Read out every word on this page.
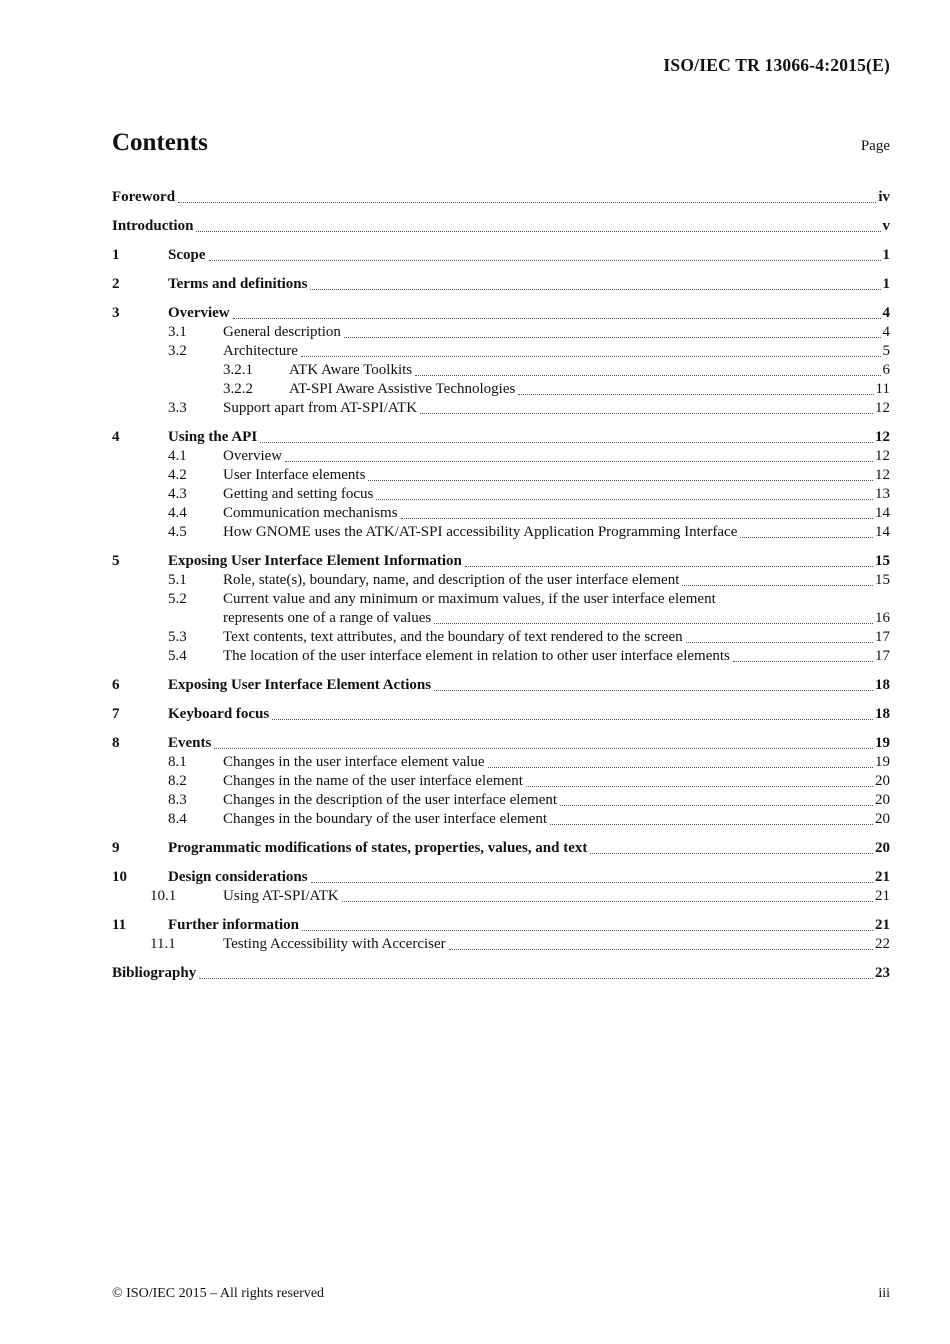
ISO/IEC TR 13066-4:2015(E)
Contents	Page
Foreword	iv
Introduction	v
1	Scope	1
2	Terms and definitions	1
3	Overview	4
3.1	General description	4
3.2	Architecture	5
3.2.1	ATK Aware Toolkits	6
3.2.2	AT-SPI Aware Assistive Technologies	11
3.3	Support apart from AT-SPI/ATK	12
4	Using the API	12
4.1	Overview	12
4.2	User Interface elements	12
4.3	Getting and setting focus	13
4.4	Communication mechanisms	14
4.5	How GNOME uses the ATK/AT-SPI accessibility Application Programming Interface	14
5	Exposing User Interface Element Information	15
5.1	Role, state(s), boundary, name, and description of the user interface element	15
5.2	Current value and any minimum or maximum values, if the user interface element
represents one of a range of values	16
5.3	Text contents, text attributes, and the boundary of text rendered to the screen	17
5.4	The location of the user interface element in relation to other user interface elements	17
6	Exposing User Interface Element Actions	18
7	Keyboard focus	18
8	Events	19
8.1	Changes in the user interface element value	19
8.2	Changes in the name of the user interface element	20
8.3	Changes in the description of the user interface element	20
8.4	Changes in the boundary of the user interface element	20
9	Programmatic modifications of states, properties, values, and text	20
10	Design considerations	21
10.1	Using AT-SPI/ATK	21
11	Further information	21
11.1	Testing Accessibility with Accerciser	22
Bibliography	23
© ISO/IEC 2015 – All rights reserved	iii
